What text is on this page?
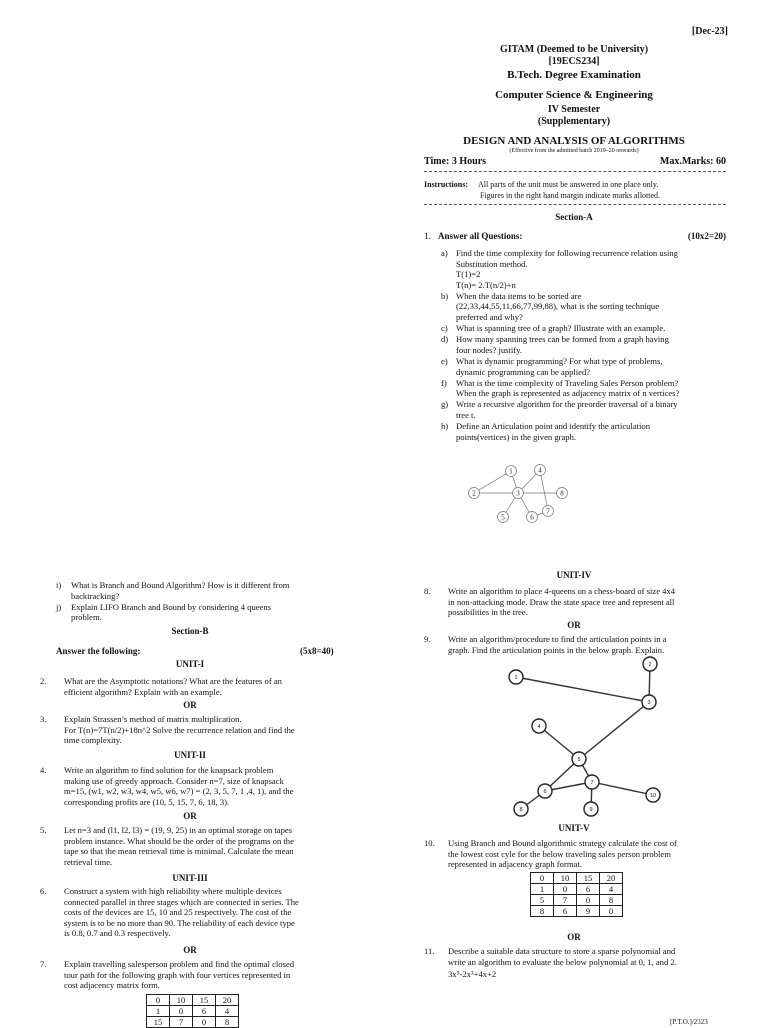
[Dec-23]
GITAM (Deemed to be University)
[19ECS234]
B.Tech. Degree Examination
Computer Science & Engineering
IV Semester
(Supplementary)
DESIGN AND ANALYSIS OF ALGORITHMS
(Effective from the admitted batch 2019–20 onwards)
Time: 3 Hours	Max.Marks: 60
Instructions: All parts of the unit must be answered in one place only.
Figures in the right hand margin indicate marks allotted.
Section-A
1. Answer all Questions:	(10x2=20)
a) Find the time complexity for following recurrence relation using
Substitution method.
T(1)=2
T(n)= 2.T(n/2)+n
b) When the data items to be sorted are
(22,33,44,55,11,66,77,99,88), what is the sorting technique
preferred and why?
c) What is spanning tree of a graph? Illustrate with an example.
d) How many spanning trees can be formed from a graph having
four nodes? justify.
e) What is dynamic programming? For what type of problems,
dynamic programming can be applied?
f) What is the time complexity of Traveling Sales Person problem?
When the graph is represented as adjacency matrix of n vertices?
g) Write a recursive algorithm for the preorder traversal of a binary
tree t.
h) Define an Articulation point and identify the articulation
points(vertices) in the given graph.
1	4
2	3	8
7
5	6
i) What is Branch and Bound Algorithm? How is it different from
backtracking?
j) Explain LIFO Branch and Bound by considering 4 queens
problem.
Section-B
Answer the following:	(5x8=40)
UNIT-I
2. What are the Asymptotic notations? What are the features of an
efficient algorithm? Explain with an example.
OR
3. Explain Strassen’s method of matrix multiplication.
For T(n)=7T(n/2)+18n^2 Solve the recurrence relation and find the
time complexity.
UNIT-II
4. Write an algorithm to find solution for the knapsack problem
making use of greedy approach. Consider n=7, size of knapsack
m=15, (w1, w2, w3, w4, w5, w6, w7) = (2, 3, 5, 7, 1 ,4, 1), and the
corresponding profits are (10, 5, 15, 7, 6, 18, 3).
OR
5. Let n=3 and (l1, l2, l3) = (19, 9, 25) in an optimal storage on tapes
problem instance. What should be the order of the programs on the
tape so that the mean retrieval time is minimal. Calculate the mean
retrieval time.
UNIT-III
6. Construct a system with high reliability where multiple devices
connected parallel in three stages which are connected in series. The
costs of the devices are 15, 10 and 25 respectively. The cost of the
system is to be no more than 90. The reliability of each device type
is 0.8, 0.7 and 0.3 respectively.
OR
7. Explain travelling salesperson problem and find the optimal closed
tour path for the following graph with four vertices represented in
cost adjacency matrix form.
0	10	15	20
1	0	6	4
15	7	0	8
UNIT-IV
8. Write an algorithm to place 4-queens on a chess-board of size 4x4
in non-attacking mode. Draw the state space tree and represent all
possibilities in the tree.
OR
9. Write an algorithm/procedure to find the articulation points in a
graph. Find the articulation points in the below graph. Explain.
1
2
3
4
5
6
7
8	9
10
UNIT-V
10. Using Branch and Bound algorithmic strategy calculate the cost of
the lowest cost cyle for the below traveling sales person problem
represented in adjacency graph format.
0	10	15	20
1	0	6	4
5	7	0	8
8	6	9	0
OR
11. Describe a suitable data structure to store a sparse polynomial and
write an algorithm to evaluate the below polynomial at 0, 1, and 2.
3x⁵-2x³+4x+2
[P.T.O.]/2323
